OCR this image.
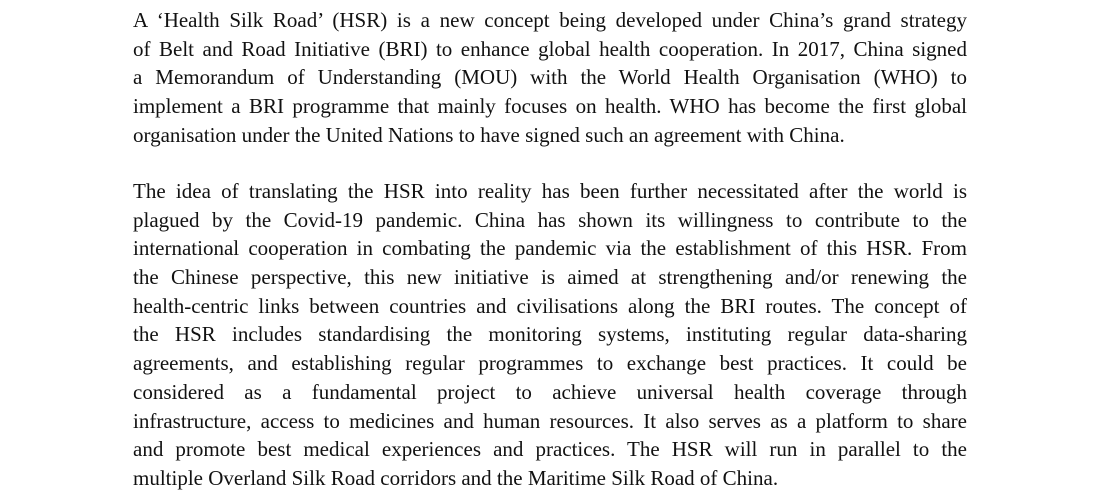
A ‘Health Silk Road’ (HSR) is a new concept being developed under China’s grand strategy
of Belt and Road Initiative (BRI) to enhance global health cooperation. In 2017, China signed
a Memorandum of Understanding (MOU) with the World Health Organisation (WHO) to
implement a BRI programme that mainly focuses on health. WHO has become the first global
organisation under the United Nations to have signed such an agreement with China.

The idea of translating the HSR into reality has been further necessitated after the world is
plagued by the Covid-19 pandemic. China has shown its willingness to contribute to the
international cooperation in combating the pandemic via the establishment of this HSR. From
the Chinese perspective, this new initiative is aimed at strengthening and/or renewing the
health-centric links between countries and civilisations along the BRI routes. The concept of
the HSR includes standardising the monitoring systems, instituting regular data-sharing
agreements, and establishing regular programmes to exchange best practices. It could be
considered as a fundamental project to achieve universal health coverage through
infrastructure, access to medicines and human resources. It also serves as a platform to share
and promote best medical experiences and practices. The HSR will run in parallel to the
multiple Overland Silk Road corridors and the Maritime Silk Road of China.
